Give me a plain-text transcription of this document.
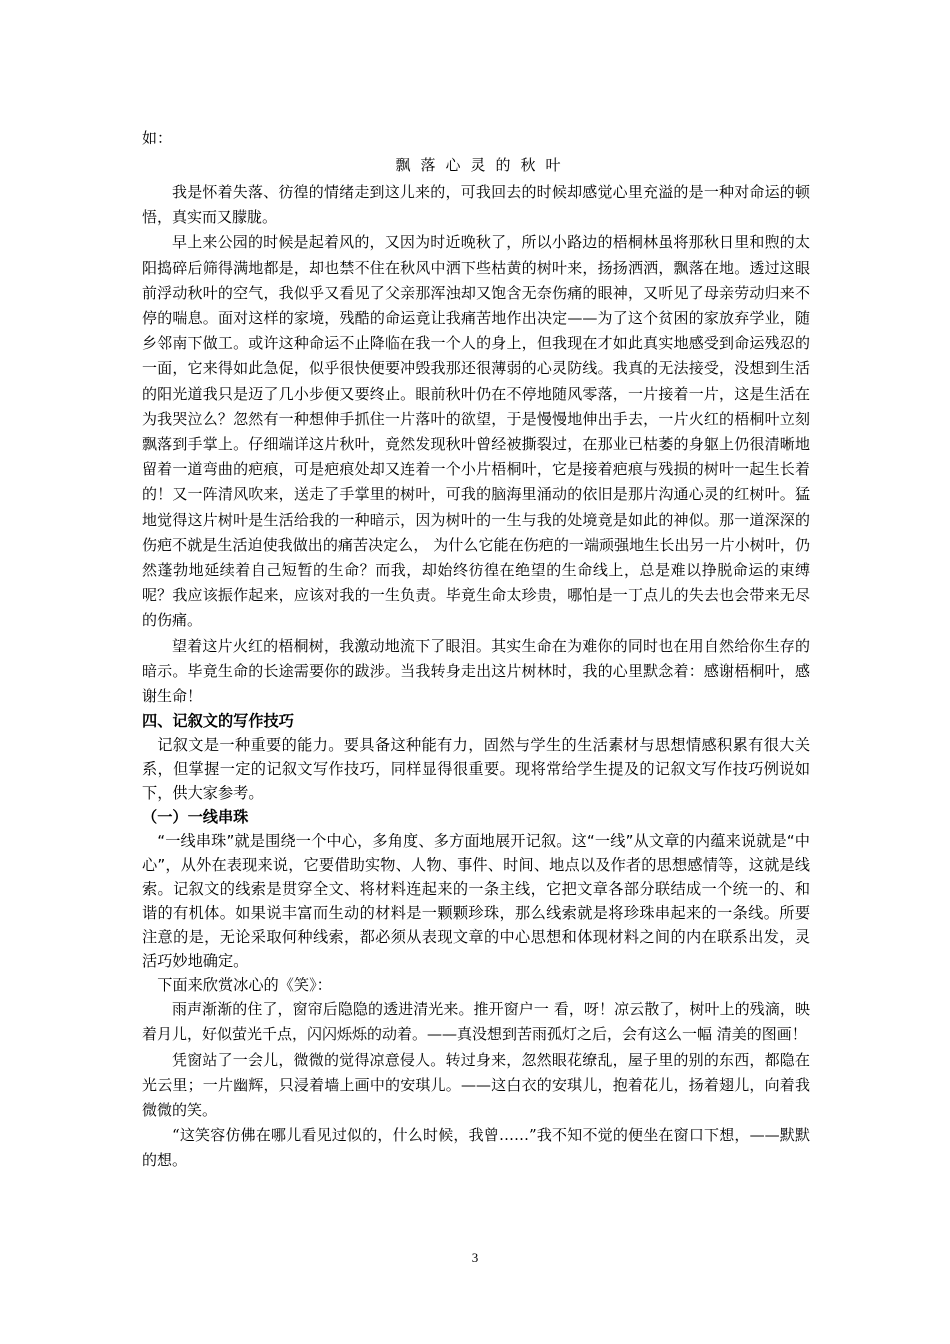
如：

飘落心灵的秋叶

我是怀着失落、彷徨的情绪走到这儿来的，可我回去的时候却感觉心里充溢的是一种对命运的顿悟，真实而又朦胧。

早上来公园的时候是起着风的，又因为时近晚秋了，所以小路边的梧桐林虽将那秋日里和煦的太阳捣碎后筛得满地都是，却也禁不住在秋风中洒下些枯黄的树叶来，扬扬洒洒，飘落在地。透过这眼前浮动秋叶的空气，我似乎又看见了父亲那浑浊却又饱含无奈伤痛的眼神，又听见了母亲劳动归来不停的喘息。面对这样的家境，残酷的命运竟让我痛苦地作出决定——为了这个贫困的家放弃学业，随乡邻南下做工。或许这种命运不止降临在我一个人的身上，但我现在才如此真实地感受到命运残忍的一面，它来得如此急促，似乎很快便要冲毁我那还很薄弱的心灵防线。我真的无法接受，没想到生活的阳光道我只是迈了几小步便又要终止。眼前秋叶仍在不停地随风零落，一片接着一片，这是生活在为我哭泣么？忽然有一种想伸手抓住一片落叶的欲望，于是慢慢地伸出手去，一片火红的梧桐叶立刻飘落到手掌上。仔细端详这片秋叶，竟然发现秋叶曾经被撕裂过，在那业已枯萎的身躯上仍很清晰地留着一道弯曲的疤痕，可是疤痕处却又连着一个小片梧桐叶，它是接着疤痕与残损的树叶一起生长着的！又一阵清风吹来，送走了手掌里的树叶，可我的脑海里涌动的依旧是那片沟通心灵的红树叶。猛地觉得这片树叶是生活给我的一种暗示，因为树叶的一生与我的处境竟是如此的神似。那一道深深的伤疤不就是生活迫使我做出的痛苦决定么， 为什么它能在伤疤的一端顽强地生长出另一片小树叶，仍然蓬勃地延续着自己短暂的生命？而我，却始终彷徨在绝望的生命线上，总是难以挣脱命运的束缚呢？我应该振作起来，应该对我的一生负责。毕竟生命太珍贵，哪怕是一丁点儿的失去也会带来无尽的伤痛。

望着这片火红的梧桐树，我激动地流下了眼泪。其实生命在为难你的同时也在用自然给你生存的暗示。毕竟生命的长途需要你的跋涉。当我转身走出这片树林时，我的心里默念着：感谢梧桐叶，感谢生命！

四、记叙文的写作技巧

记叙文是一种重要的能力。要具备这种能有力，固然与学生的生活素材与思想情感积累有很大关系，但掌握一定的记叙文写作技巧，同样显得很重要。现将常给学生提及的记叙文写作技巧例说如下，供大家参考。

（一）一线串珠

“一线串珠”就是围绕一个中心，多角度、多方面地展开记叙。这“一线”从文章的内蕴来说就是“中心”，从外在表现来说，它要借助实物、人物、事件、时间、地点以及作者的思想感情等，这就是线索。记叙文的线索是贯穿全文、将材料连起来的一条主线，它把文章各部分联结成一个统一的、和谐的有机体。如果说丰富而生动的材料是一颗颗珍珠，那么线索就是将珍珠串起来的一条线。所要注意的是，无论采取何种线索，都必须从表现文章的中心思想和体现材料之间的内在联系出发，灵活巧妙地确定。

下面来欣赏冰心的《笑》：

雨声渐渐的住了，窗帘后隐隐的透进清光来。推开窗户一 看，呀！凉云散了，树叶上的残滴，映着月儿，好似萤光千点，闪闪烁烁的动着。——真没想到苦雨孤灯之后，会有这么一幅 清美的图画！

凭窗站了一会儿，微微的觉得凉意侵人。转过身来，忽然眼花缭乱，屋子里的别的东西，都隐在光云里；一片幽辉，只浸着墙上画中的安琪儿。——这白衣的安琪儿，抱着花儿，扬着翅儿，向着我微微的笑。

“这笑容仿佛在哪儿看见过似的，什么时候，我曾……”我不知不觉的便坐在窗口下想，——默默的想。

3
